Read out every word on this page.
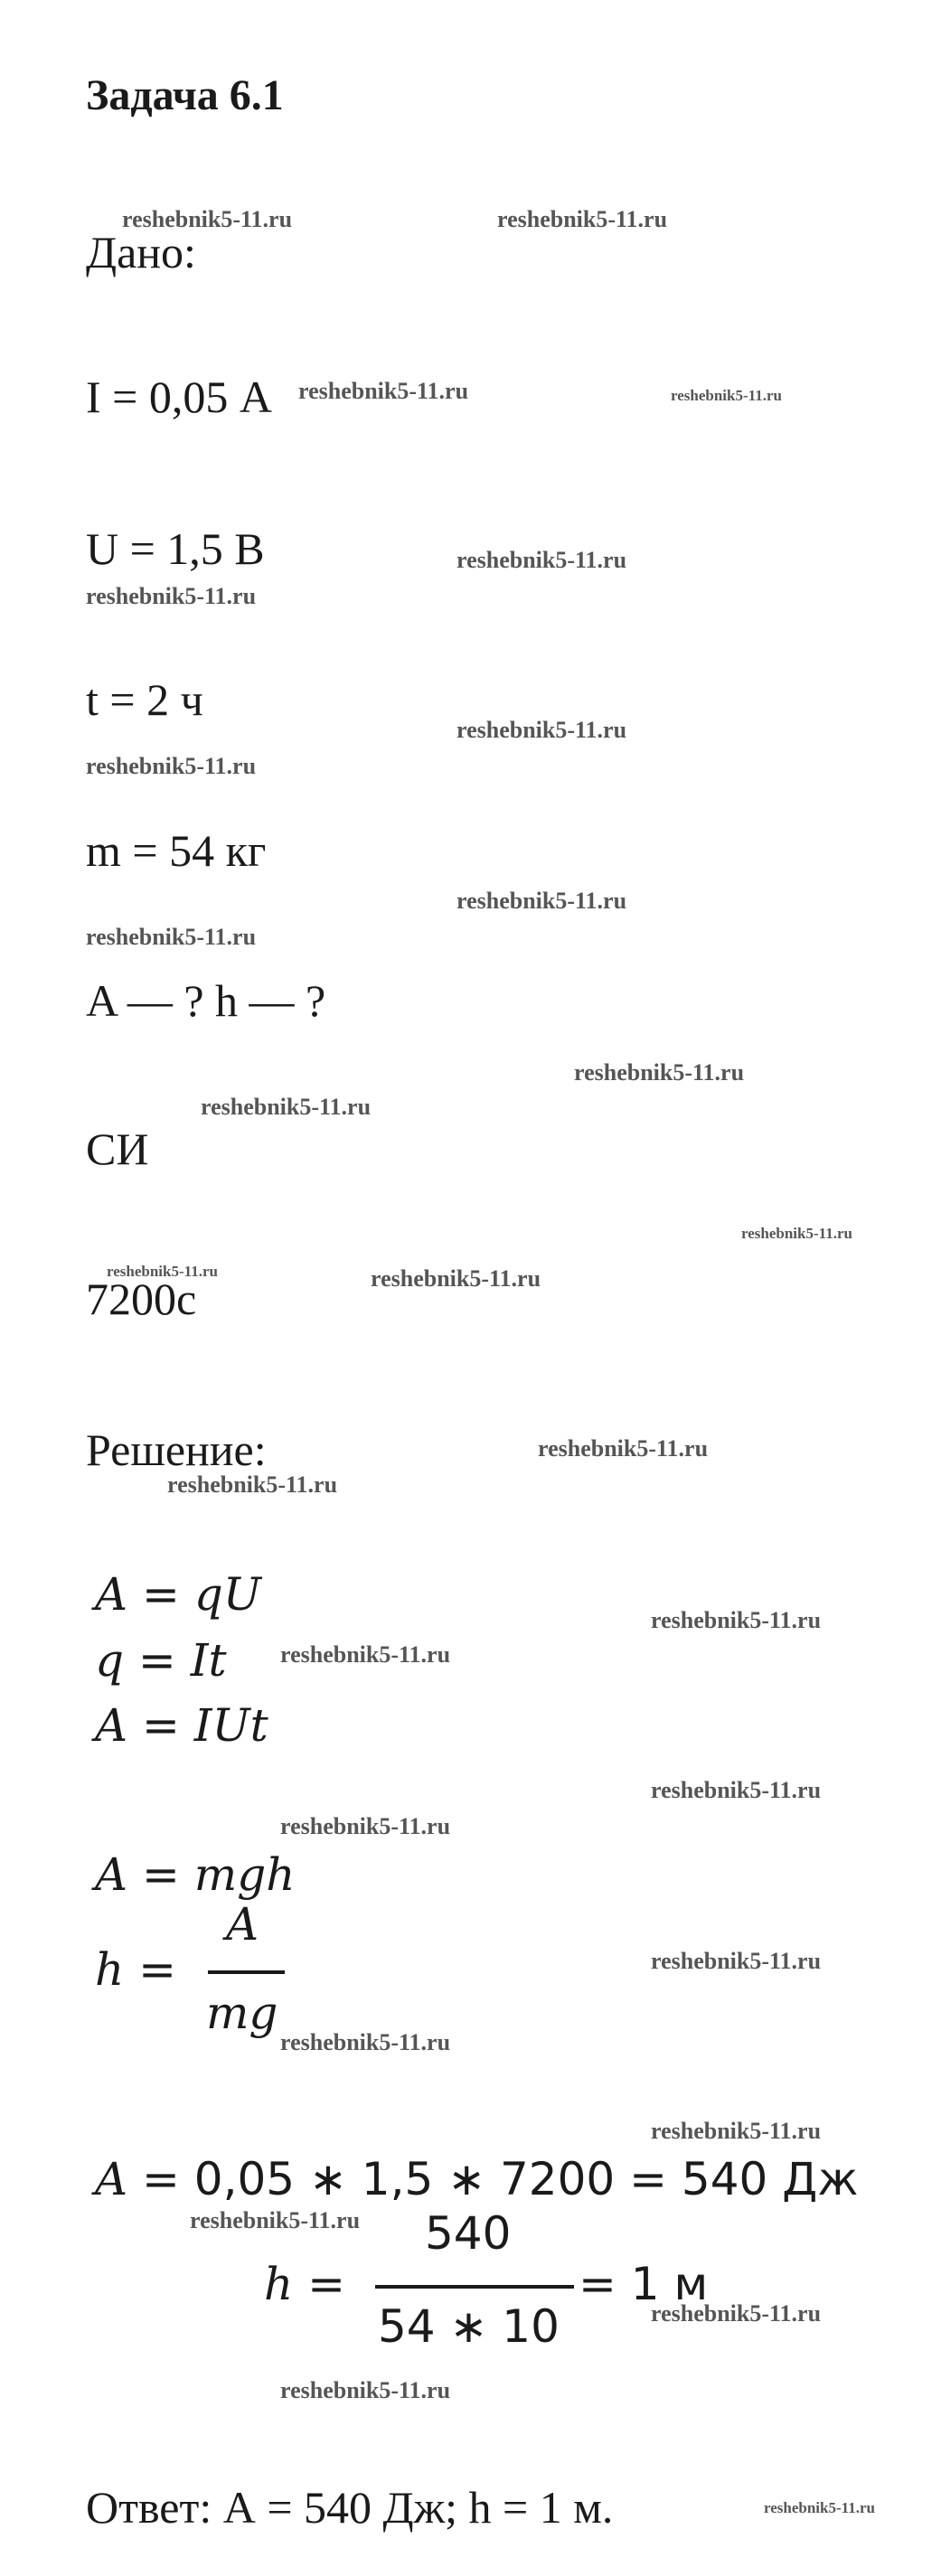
Задача 6.1
Дано:
I = 0,05 А
U = 1,5 В
t = 2 ч
m = 54 кг
A — ? h — ?
СИ
7200с
Решение:
A = qU
q = It
A = IUt
A = mgh
h =
A
mg
A = 0,05 ∗ 1,5 ∗ 7200 = 540 Дж
h =
540
54 ∗ 10
= 1 м
Ответ: А = 540 Дж; h = 1 м.
reshebnik5-11.ru	reshebnik5-11.ru
reshebnik5-11.ru	reshebnik5-11.ru
reshebnik5-11.ru
reshebnik5-11.ru
reshebnik5-11.ru
reshebnik5-11.ru
reshebnik5-11.ru
reshebnik5-11.ru
reshebnik5-11.ru
reshebnik5-11.ru
reshebnik5-11.ru
reshebnik5-11.ru	reshebnik5-11.ru
reshebnik5-11.ru
reshebnik5-11.ru
reshebnik5-11.ru
reshebnik5-11.ru
reshebnik5-11.ru
reshebnik5-11.ru
reshebnik5-11.ru
reshebnik5-11.ru
reshebnik5-11.ru
reshebnik5-11.ru
reshebnik5-11.ru
reshebnik5-11.ru
reshebnik5-11.ru
